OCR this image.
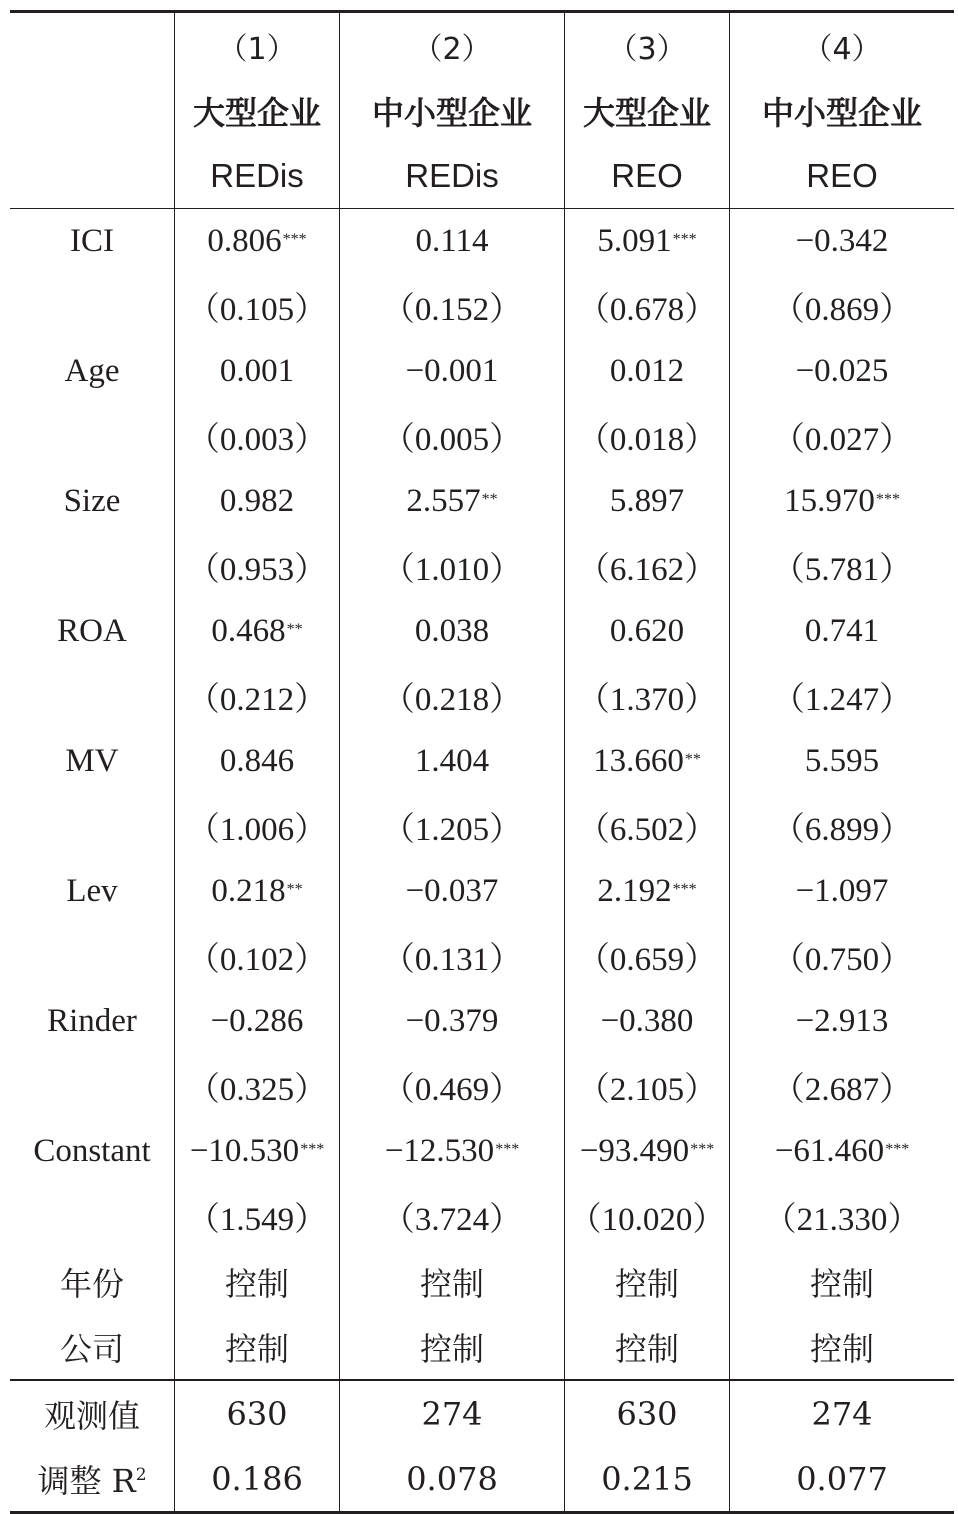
（1）	（2）	（3）	（4）
大型企业	中小型企业	大型企业	中小型企业
REDis	REDis	REO	REO
ICI	0.806***	0.114	5.091***	−0.342
（0.105）	（0.152）	（0.678）	（0.869）
Age	0.001	−0.001	0.012	−0.025
（0.003）	（0.005）	（0.018）	（0.027）
Size	0.982	2.557**	5.897	15.970***
（0.953）	（1.010）	（6.162）	（5.781）
ROA	0.468**	0.038	0.620	0.741
（0.212）	（0.218）	（1.370）	（1.247）
MV	0.846	1.404	13.660**	5.595
（1.006）	（1.205）	（6.502）	（6.899）
Lev	0.218**	−0.037	2.192***	−1.097
（0.102）	（0.131）	（0.659）	（0.750）
Rinder	−0.286	−0.379	−0.380	−2.913
（0.325）	（0.469）	（2.105）	（2.687）
Constant	−10.530*** −12.530*** −93.490*** −61.460***
（1.549）	（3.724）	（10.020）	（21.330）
年份	控制	控制	控制	控制
公司	控制	控制	控制	控制
观测值	630	274	630	274
调整 R 2	0.186	0.078	0.215	0.077
